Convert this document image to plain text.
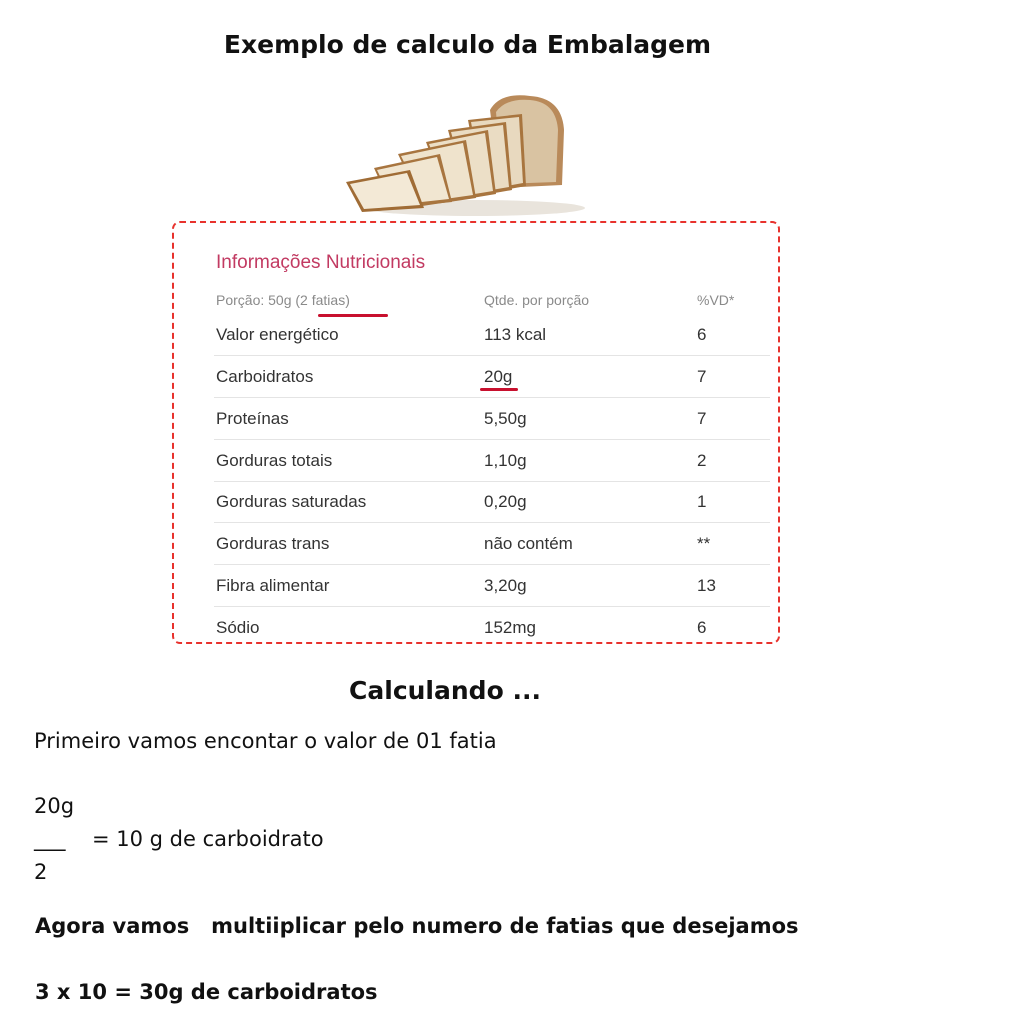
Exemplo de calculo da Embalagem
Informações Nutricionais
Porção: 50g (2 fatias)	Qtde. por porção	%VD*
Valor energético	113 kcal	6
Carboidratos	20g	7
Proteínas	5,50g	7
Gorduras totais	1,10g	2
Gorduras saturadas	0,20g	1
Gorduras trans	não contém	**
Fibra alimentar	3,20g	13
Sódio	152mg	6
Calculando ...
Primeiro vamos encontar o valor de 01 fatia
20g
___ = 10 g de carboidrato
2
Agora vamos   multiiplicar pelo numero de fatias que desejamos
3 x 10 = 30g de carboidratos
